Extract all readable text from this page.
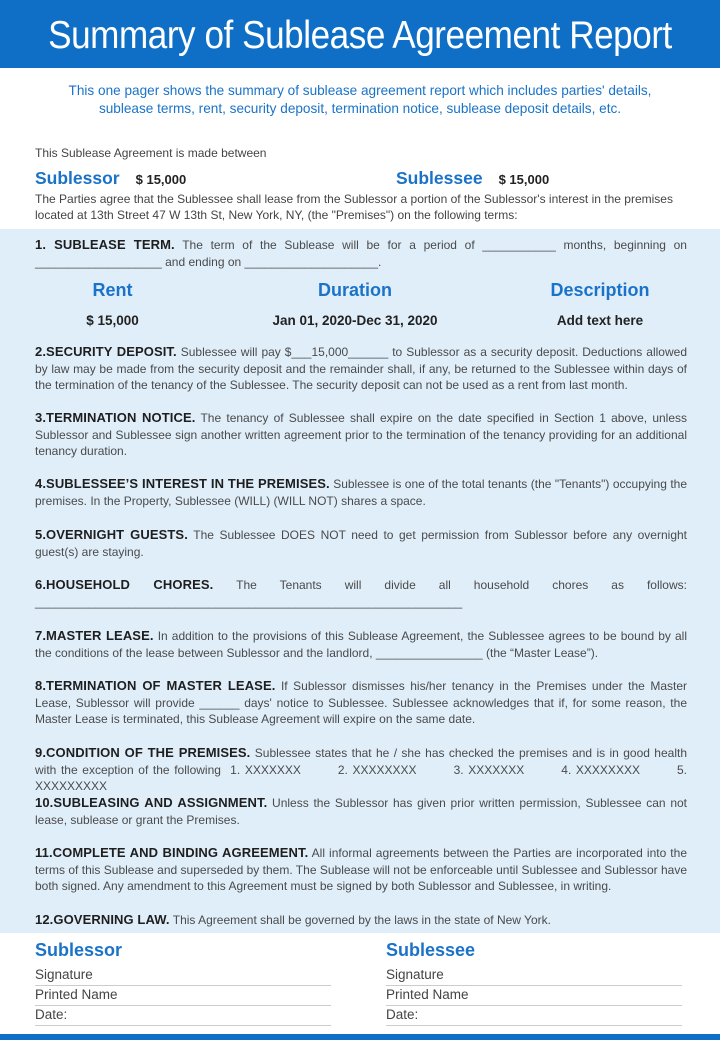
Summary of Sublease Agreement Report
This one pager shows the summary of sublease agreement report which includes parties' details, sublease terms, rent, security deposit, termination notice, sublease deposit details, etc.
This Sublease Agreement is made between
Sublessor $ 15,000	Sublessee $ 15,000
The Parties agree that the Sublessee shall lease from the Sublessor a portion of the Sublessor's interest in the premises located at 13th Street 47 W 13th St, New York, NY, (the "Premises") on the following terms:
1. SUBLEASE TERM. The term of the Sublease will be for a period of ___________ months, beginning on ___________________ and ending on ____________________.
Rent
$ 15,000
Duration
Jan 01, 2020-Dec 31, 2020
Description
Add text here
2.SECURITY DEPOSIT. Sublessee will pay $___15,000______ to Sublessor as a security deposit. Deductions allowed by law may be made from the security deposit and the remainder shall, if any, be returned to the Sublessee within days of the termination of the tenancy of the Sublessee. The security deposit can not be used as a rent from last month.
3.TERMINATION NOTICE. The tenancy of Sublessee shall expire on the date specified in Section 1 above, unless Sublessor and Sublessee sign another written agreement prior to the termination of the tenancy providing for an additional tenancy duration.
4.SUBLESSEE’S INTEREST IN THE PREMISES. Sublessee is one of the total tenants (the "Tenants") occupying the premises. In the Property, Sublessee (WILL) (WILL NOT) shares a space.
5.OVERNIGHT GUESTS. The Sublessee DOES NOT need to get permission from Sublessor before any overnight guest(s) are staying.
6.HOUSEHOLD CHORES. The Tenants will divide all household chores as follows: ________________________________________________________________
7.MASTER LEASE. In addition to the provisions of this Sublease Agreement, the Sublessee agrees to be bound by all the conditions of the lease between Sublessor and the landlord, ________________ (the “Master Lease”).
8.TERMINATION OF MASTER LEASE. If Sublessor dismisses his/her tenancy in the Premises under the Master Lease, Sublessor will provide ______ days' notice to Sublessee. Sublessee acknowledges that if, for some reason, the Master Lease is terminated, this Sublease Agreement will expire on the same date.
9.CONDITION OF THE PREMISES. Sublessee states that he / she has checked the premises and is in good health with the exception of the following  1. XXXXXXX        2. XXXXXXXX        3. XXXXXXX        4. XXXXXXXX        5. XXXXXXXXX
10.SUBLEASING AND ASSIGNMENT. Unless the Sublessor has given prior written permission, Sublessee can not lease, sublease or grant the Premises.
11.COMPLETE AND BINDING AGREEMENT. All informal agreements between the Parties are incorporated into the terms of this Sublease and superseded by them. The Sublease will not be enforceable until Sublessee and Sublessor have both signed. Any amendment to this Agreement must be signed by both Sublessor and Sublessee, in writing.
12.GOVERNING LAW. This Agreement shall be governed by the laws in the state of New York.
Sublessor
Signature
Printed Name
Date:
Sublessee
Signature
Printed Name
Date:
